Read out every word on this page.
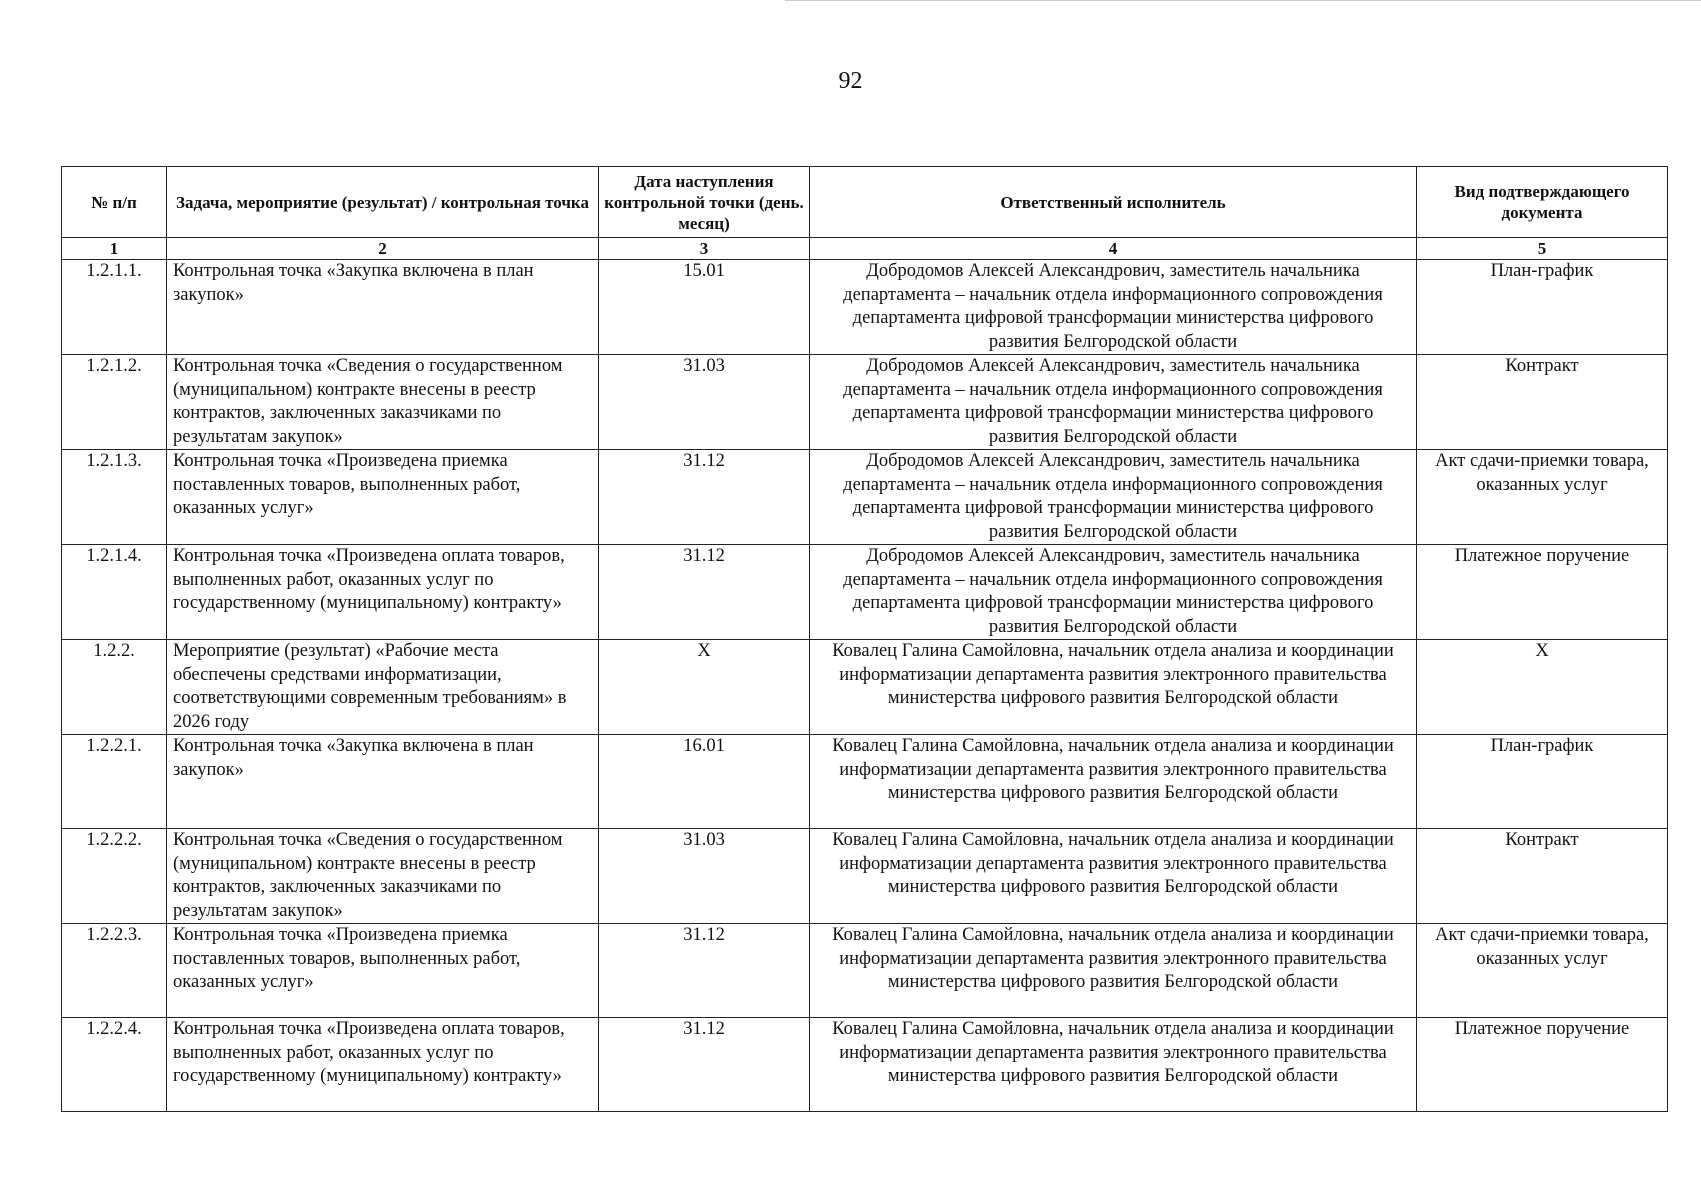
92
№ п/п	Задача, мероприятие (результат) / контрольная точка	Дата наступления контрольной точки (день. месяц)	Ответственный исполнитель	Вид подтверждающего документа
1	2	3	4	5
1.2.1.1.	Контрольная точка «Закупка включена в план закупок»	15.01	Добродомов Алексей Александрович, заместитель начальника департамента – начальник отдела информационного сопровождения департамента цифровой трансформации министерства цифрового развития Белгородской области	План-график
1.2.1.2.	Контрольная точка «Сведения о государственном (муниципальном) контракте внесены в реестр контрактов, заключенных заказчиками по результатам закупок»	31.03	Добродомов Алексей Александрович, заместитель начальника департамента – начальник отдела информационного сопровождения департамента цифровой трансформации министерства цифрового развития Белгородской области	Контракт
1.2.1.3.	Контрольная точка «Произведена приемка поставленных товаров, выполненных работ, оказанных услуг»	31.12	Добродомов Алексей Александрович, заместитель начальника департамента – начальник отдела информационного сопровождения департамента цифровой трансформации министерства цифрового развития Белгородской области	Акт сдачи-приемки товара, оказанных услуг
1.2.1.4.	Контрольная точка «Произведена оплата товаров, выполненных работ, оказанных услуг по государственному (муниципальному) контракту»	31.12	Добродомов Алексей Александрович, заместитель начальника департамента – начальник отдела информационного сопровождения департамента цифровой трансформации министерства цифрового развития Белгородской области	Платежное поручение
1.2.2.	Мероприятие (результат) «Рабочие места обеспечены средствами информатизации, соответствующими современным требованиям» в 2026 году	Х	Ковалец Галина Самойловна, начальник отдела анализа и координации информатизации департамента развития электронного правительства министерства цифрового развития Белгородской области	Х
1.2.2.1.	Контрольная точка «Закупка включена в план закупок»	16.01	Ковалец Галина Самойловна, начальник отдела анализа и координации информатизации департамента развития электронного правительства министерства цифрового развития Белгородской области	План-график
1.2.2.2.	Контрольная точка «Сведения о государственном (муниципальном) контракте внесены в реестр контрактов, заключенных заказчиками по результатам закупок»	31.03	Ковалец Галина Самойловна, начальник отдела анализа и координации информатизации департамента развития электронного правительства министерства цифрового развития Белгородской области	Контракт
1.2.2.3.	Контрольная точка «Произведена приемка поставленных товаров, выполненных работ, оказанных услуг»	31.12	Ковалец Галина Самойловна, начальник отдела анализа и координации информатизации департамента развития электронного правительства министерства цифрового развития Белгородской области	Акт сдачи-приемки товара, оказанных услуг
1.2.2.4.	Контрольная точка «Произведена оплата товаров, выполненных работ, оказанных услуг по государственному (муниципальному) контракту»	31.12	Ковалец Галина Самойловна, начальник отдела анализа и координации информатизации департамента развития электронного правительства министерства цифрового развития Белгородской области	Платежное поручение
